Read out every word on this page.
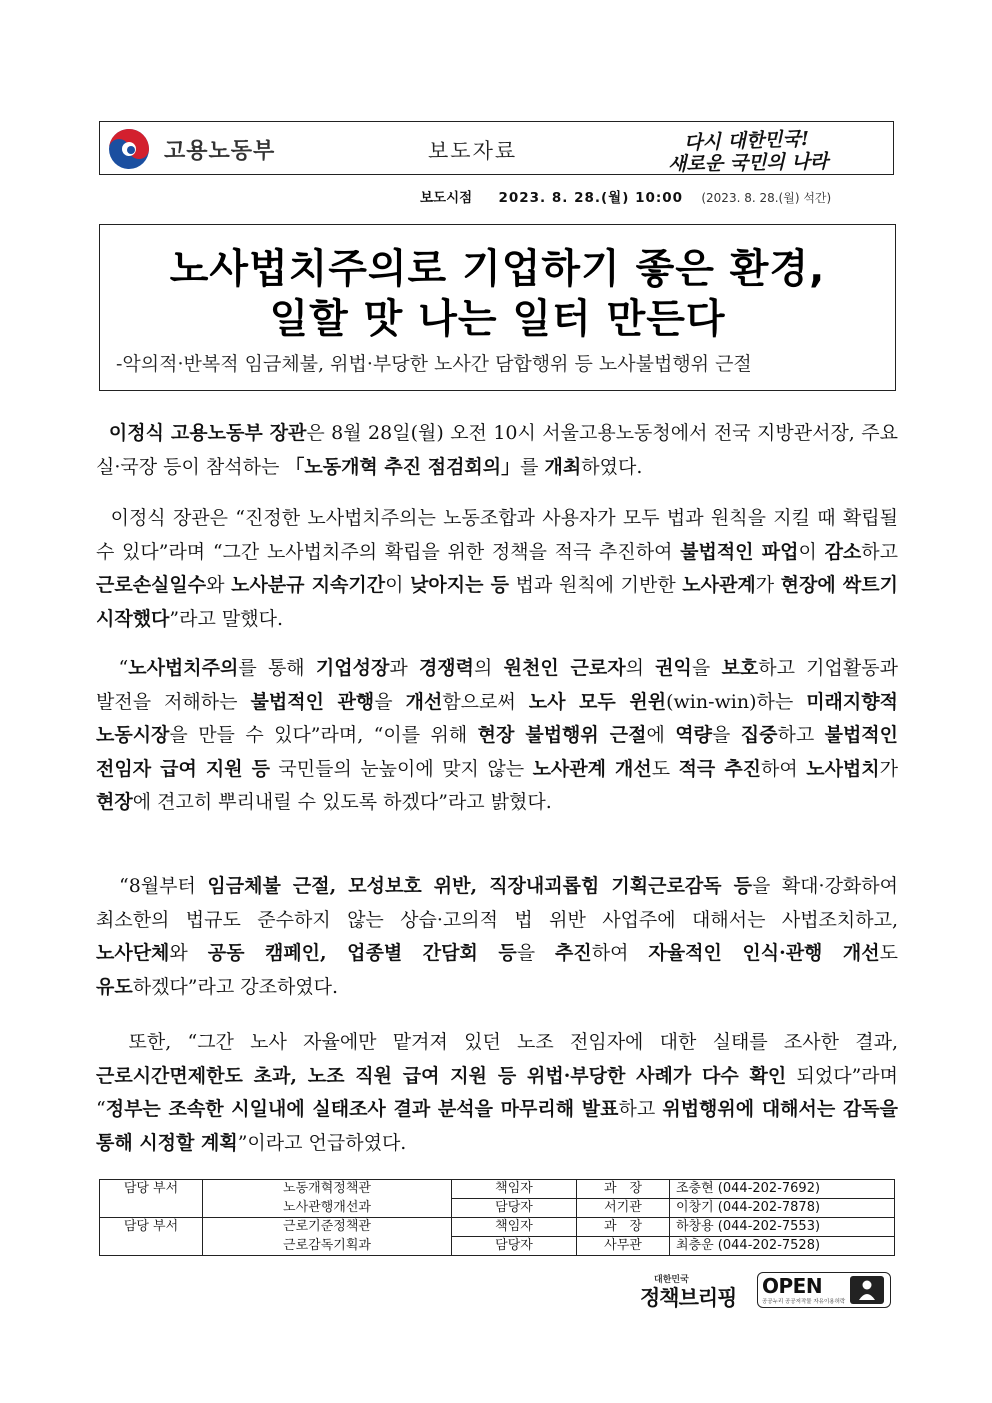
고용노동부	보도자료	다시 대한민국!
새로운 국민의 나라
보도시점 2023. 8. 28.(월) 10:00 (2023. 8. 28.(월) 석간)
노사법치주의로 기업하기 좋은 환경,
일할 맛 나는 일터 만든다
-악의적·반복적 임금체불, 위법·부당한 노사간 담합행위 등 노사불법행위 근절

이정식 고용노동부 장관은 8월 28일(월) 오전 10시 서울고용노동청에서 전국 지방관서장, 주요 실·국장 등이 참석하는 「노동개혁 추진 점검회의」를 개최하였다.

이정식 장관은 “진정한 노사법치주의는 노동조합과 사용자가 모두 법과 원칙을 지킬 때 확립될 수 있다”라며 “그간 노사법치주의 확립을 위한 정책을 적극 추진하여 불법적인 파업이 감소하고 근로손실일수와 노사분규 지속기간이 낮아지는 등 법과 원칙에 기반한 노사관계가 현장에 싹트기 시작했다”라고 말했다.

“노사법치주의를 통해 기업성장과 경쟁력의 원천인 근로자의 권익을 보호하고 기업활동과 발전을 저해하는 불법적인 관행을 개선함으로써 노사 모두 윈윈(win-win)하는 미래지향적 노동시장을 만들 수 있다”라며, “이를 위해 현장 불법행위 근절에 역량을 집중하고 불법적인 전임자 급여 지원 등 국민들의 눈높이에 맞지 않는 노사관계 개선도 적극 추진하여 노사법치가 현장에 견고히 뿌리내릴 수 있도록 하겠다”라고 밝혔다.

“8월부터 임금체불 근절, 모성보호 위반, 직장내괴롭힘 기획근로감독 등을 확대·강화하여 최소한의 법규도 준수하지 않는 상습·고의적 법 위반 사업주에 대해서는 사법조치하고, 노사단체와 공동 캠페인, 업종별 간담회 등을 추진하여 자율적인 인식·관행 개선도 유도하겠다”라고 강조하였다.

또한, “그간 노사 자율에만 맡겨져 있던 노조 전임자에 대한 실태를 조사한 결과, 근로시간면제한도 초과, 노조 직원 급여 지원 등 위법·부당한 사례가 다수 확인 되었다”라며 “정부는 조속한 시일내에 실태조사 결과 분석을 마무리해 발표하고 위법행위에 대해서는 감독을 통해 시정할 계획”이라고 언급하였다.

담당 부서	노동개혁정책관	책임자	과　장	조충현 (044-202-7692)
	노사관행개선과	담당자	서기관	이창기 (044-202-7878)
담당 부서	근로기준정책관	책임자	과　장	하창용 (044-202-7553)
	근로감독기획과	담당자	사무관	최충운 (044-202-7528)
대한민국
정책브리핑 OPEN
공공누리 공공저작물 자유이용허락
